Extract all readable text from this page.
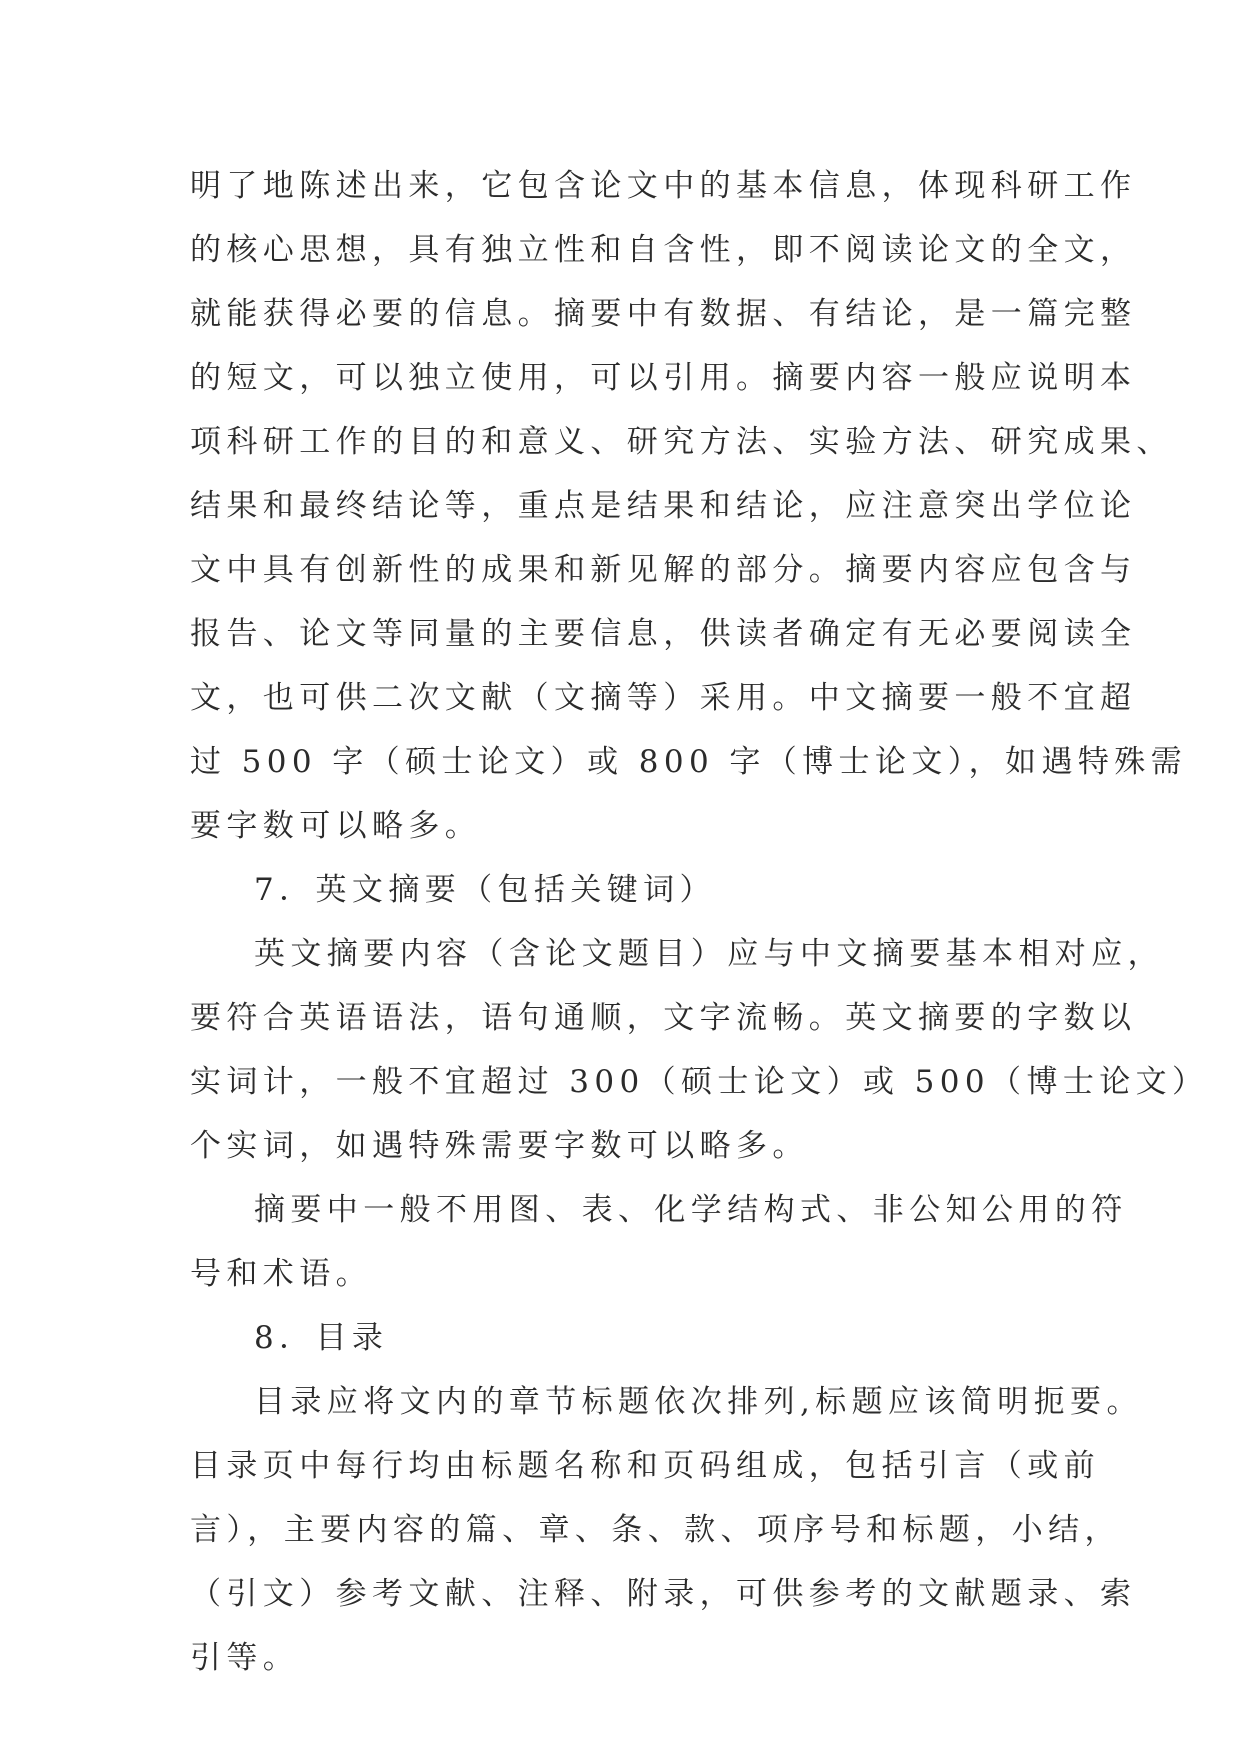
明了地陈述出来，它包含论文中的基本信息，体现科研工作
的核心思想，具有独立性和自含性，即不阅读论文的全文，
就能获得必要的信息。摘要中有数据、有结论，是一篇完整
的短文，可以独立使用，可以引用。摘要内容一般应说明本
项科研工作的目的和意义、研究方法、实验方法、研究成果、
结果和最终结论等，重点是结果和结论，应注意突出学位论
文中具有创新性的成果和新见解的部分。摘要内容应包含与
报告、论文等同量的主要信息，供读者确定有无必要阅读全
文，也可供二次文献（文摘等）采用。中文摘要一般不宜超
过 500 字（硕士论文）或 800 字（博士论文），如遇特殊需
要字数可以略多。
7．英文摘要（包括关键词）
英文摘要内容（含论文题目）应与中文摘要基本相对应，
要符合英语语法，语句通顺，文字流畅。英文摘要的字数以
实词计，一般不宜超过 300（硕士论文）或 500（博士论文）
个实词，如遇特殊需要字数可以略多。
摘要中一般不用图、表、化学结构式、非公知公用的符
号和术语。
8．目录
目录应将文内的章节标题依次排列,标题应该简明扼要。
目录页中每行均由标题名称和页码组成，包括引言（或前
言），主要内容的篇、章、条、款、项序号和标题，小结，
（引文）参考文献、注释、附录，可供参考的文献题录、索
引等。
